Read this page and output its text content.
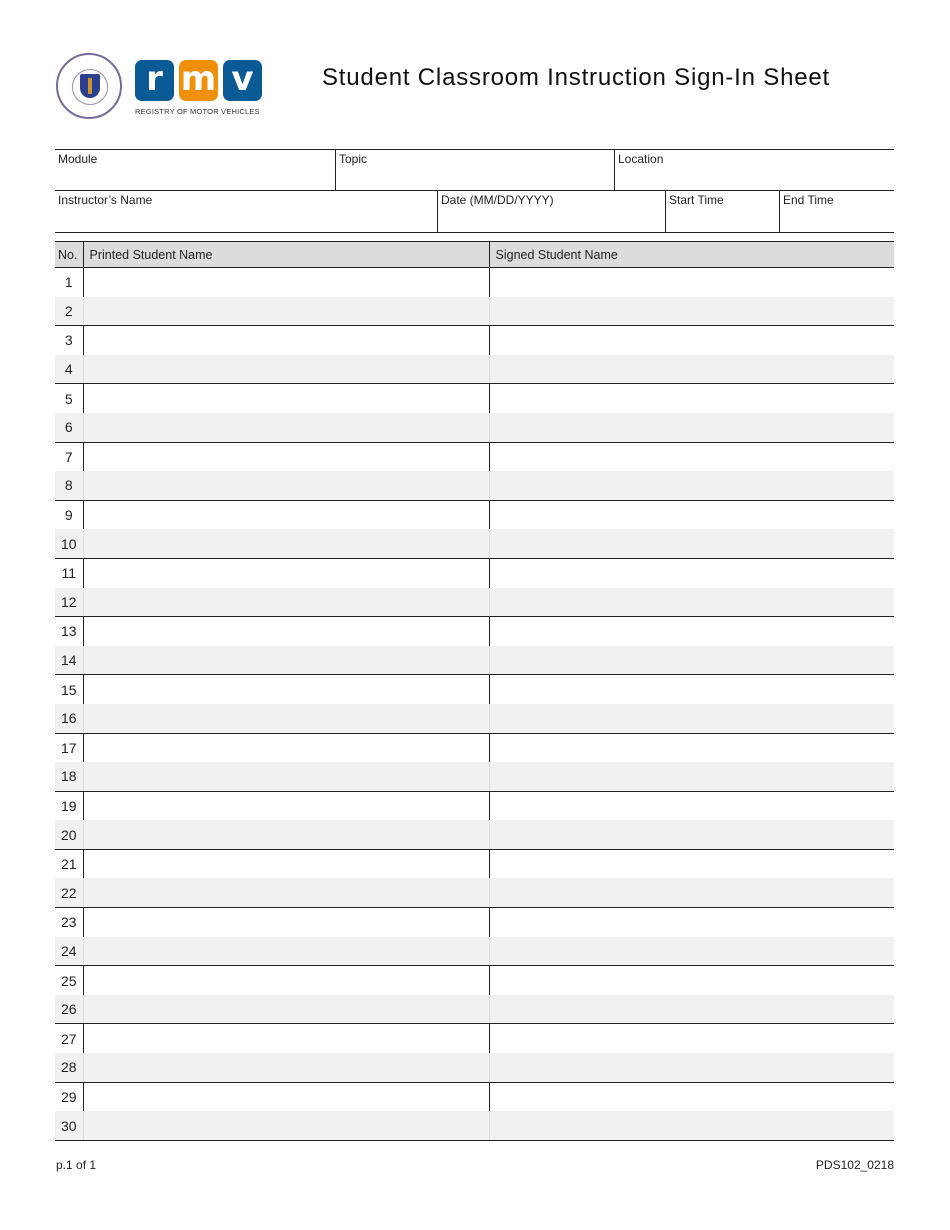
r m v
REGISTRY OF MOTOR VEHICLES
Student Classroom Instruction Sign-In Sheet
Module	Topic	Location
Instructor’s Name	Date (MM/DD/YYYY)	Start Time	End Time
No.	Printed Student Name	Signed Student Name
1		
2		
3		
4		
5		
6		
7		
8		
9		
10		
11		
12		
13		
14		
15		
16		
17		
18		
19		
20		
21		
22		
23		
24		
25		
26		
27		
28		
29		
30		
p.1 of 1	PDS102_0218
